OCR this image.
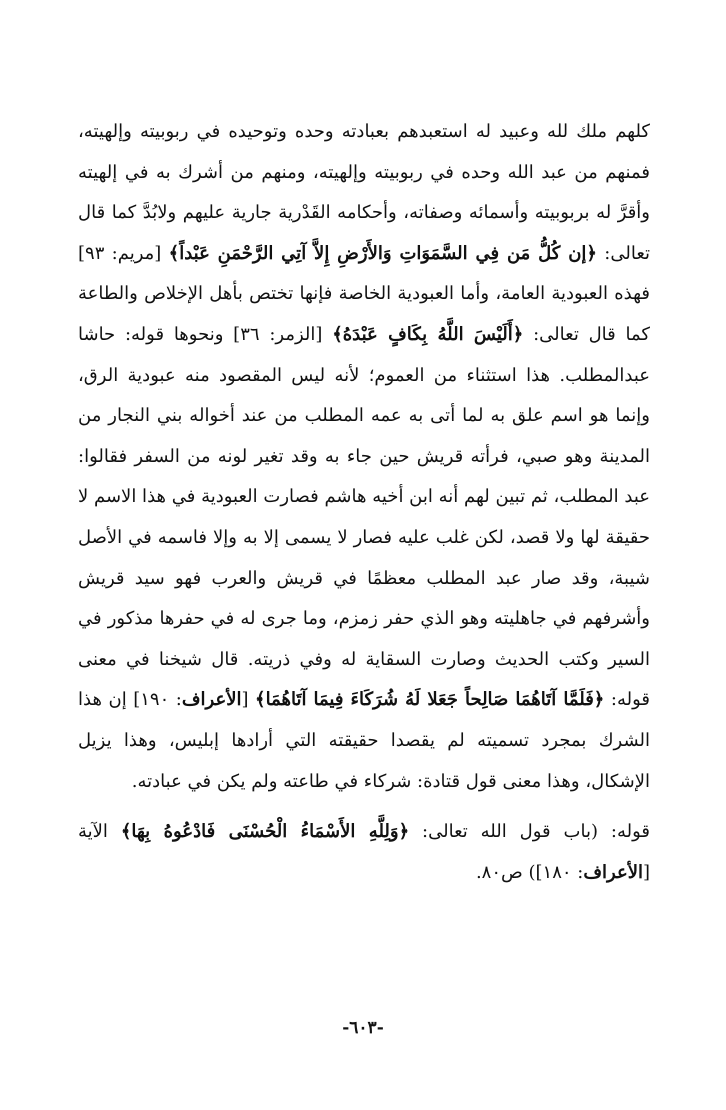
كلهم ملك لله وعبيد له استعبدهم بعبادته وحده وتوحيده في ربوبيته وإلهيته، فمنهم من عبد الله وحده في ربوبيته وإلهيته، ومنهم من أشرك به في إلهيته وأقرَّ له بربوبيته وأسمائه وصفاته، وأحكامه القَدْرية جارية عليهم ولابُدَّ كما قال تعالى: ﴿إن كُلُّ مَن فِي السَّمَوَاتِ وَالأَرْضِ إِلاَّ آتِي الرَّحْمَنِ عَبْداً﴾ [مريم: ٩٣] فهذه العبودية العامة، وأما العبودية الخاصة فإنها تختص بأهل الإخلاص والطاعة كما قال تعالى: ﴿أَلَيْسَ اللَّهُ بِكَافٍ عَبْدَهُ﴾ [الزمر: ٣٦] ونحوها قوله: حاشا عبدالمطلب. هذا استثناء من العموم؛ لأنه ليس المقصود منه عبودية الرق، وإنما هو اسم علق به لما أتى به عمه المطلب من عند أخواله بني النجار من المدينة وهو صبي، فرأته قريش حين جاء به وقد تغير لونه من السفر فقالوا: عبد المطلب، ثم تبين لهم أنه ابن أخيه هاشم فصارت العبودية في هذا الاسم لا حقيقة لها ولا قصد، لكن غلب عليه فصار لا يسمى إلا به وإلا فاسمه في الأصل شيبة، وقد صار عبد المطلب معظمًا في قريش والعرب فهو سيد قريش وأشرفهم في جاهليته وهو الذي حفر زمزم، وما جرى له في حفرها مذكور في السير وكتب الحديث وصارت السقاية له وفي ذريته. قال شيخنا في معنى قوله: ﴿فَلَمَّا آتَاهُمَا صَالِحاً جَعَلا لَهُ شُرَكَاءَ فِيمَا آتَاهُمَا﴾ [الأعراف: ١٩٠] إن هذا الشرك بمجرد تسميته لم يقصدا حقيقته التي أرادها إبليس، وهذا يزيل الإشكال، وهذا معنى قول قتادة: شركاء في طاعته ولم يكن في عبادته.

قوله: (باب قول الله تعالى: ﴿وَلِلَّهِ الأَسْمَاءُ الْحُسْنَى فَادْعُوهُ بِهَا﴾ الآية [الأعراف: ١٨٠]) ص٨٠.

-٦٠٣-
